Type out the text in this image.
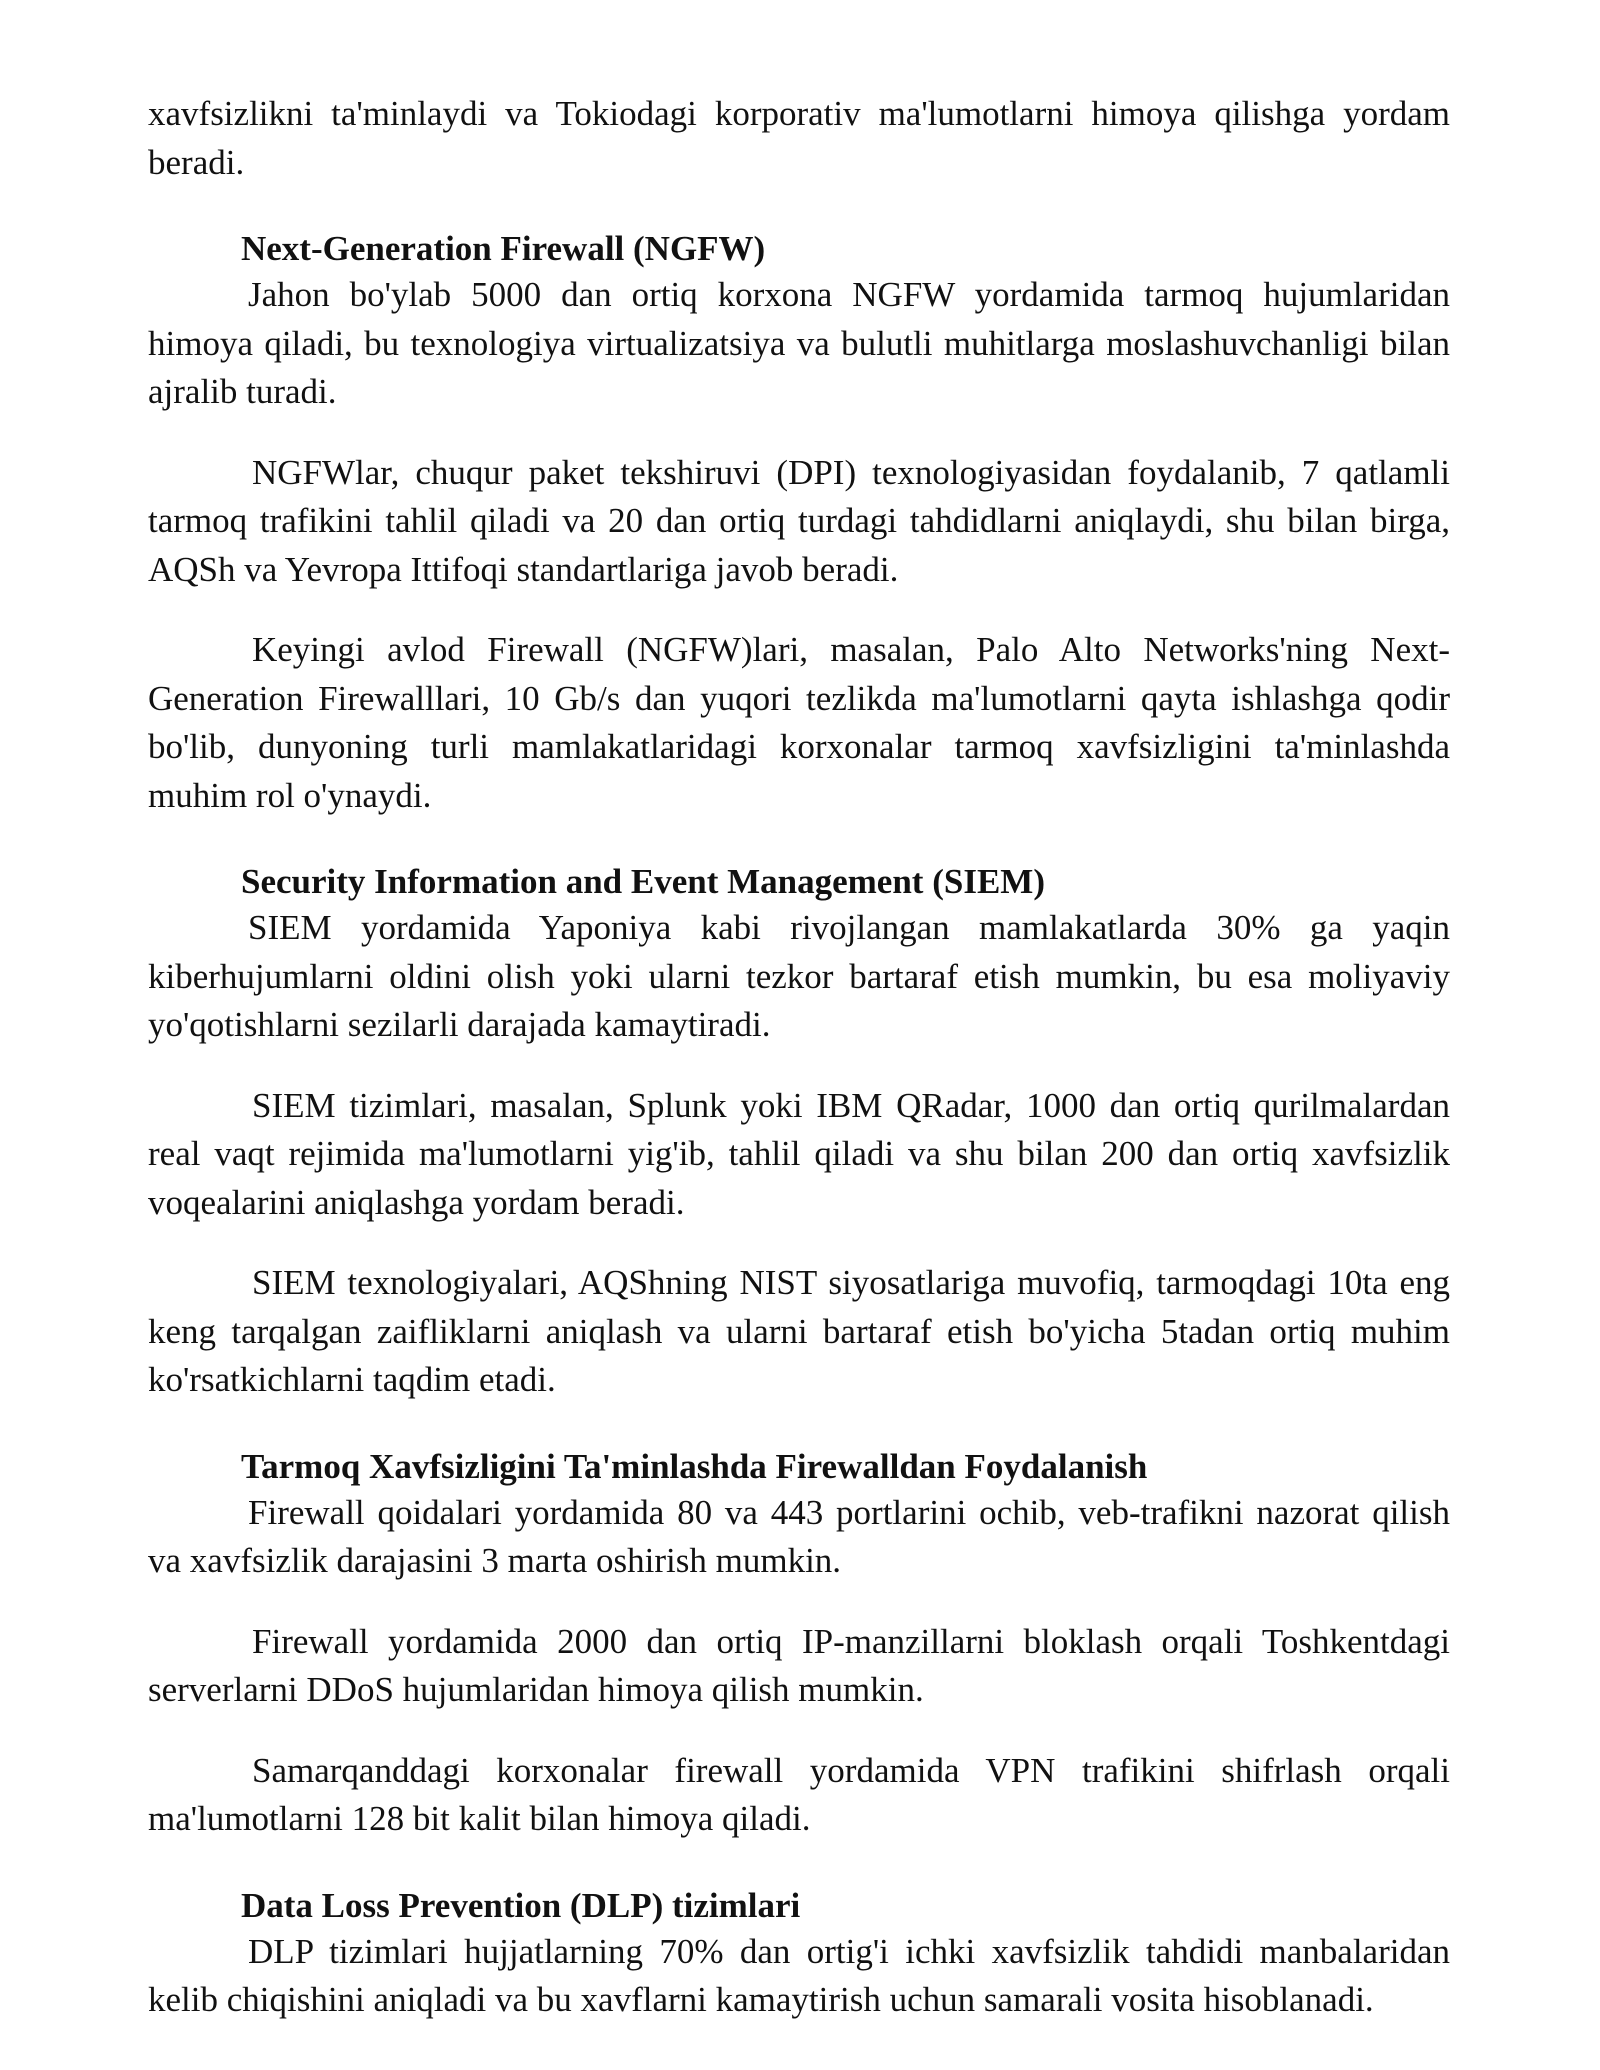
xavfsizlikni ta'minlaydi va Tokiodagi korporativ ma'lumotlarni himoya qilishga yordam beradi.

Next-Generation Firewall (NGFW)

Jahon bo'ylab 5000 dan ortiq korxona NGFW yordamida tarmoq hujumlaridan himoya qiladi, bu texnologiya virtualizatsiya va bulutli muhitlarga moslashuvchanligi bilan ajralib turadi.

NGFWlar, chuqur paket tekshiruvi (DPI) texnologiyasidan foydalanib, 7 qatlamli tarmoq trafikini tahlil qiladi va 20 dan ortiq turdagi tahdidlarni aniqlaydi, shu bilan birga, AQSh va Yevropa Ittifoqi standartlariga javob beradi.

Keyingi avlod Firewall (NGFW)lari, masalan, Palo Alto Networks'ning Next-Generation Firewalllari, 10 Gb/s dan yuqori tezlikda ma'lumotlarni qayta ishlashga qodir bo'lib, dunyoning turli mamlakatlaridagi korxonalar tarmoq xavfsizligini ta'minlashda muhim rol o'ynaydi.

Security Information and Event Management (SIEM)

SIEM yordamida Yaponiya kabi rivojlangan mamlakatlarda 30% ga yaqin kiberhujumlarni oldini olish yoki ularni tezkor bartaraf etish mumkin, bu esa moliyaviy yo'qotishlarni sezilarli darajada kamaytiradi.

SIEM tizimlari, masalan, Splunk yoki IBM QRadar, 1000 dan ortiq qurilmalardan real vaqt rejimida ma'lumotlarni yig'ib, tahlil qiladi va shu bilan 200 dan ortiq xavfsizlik voqealarini aniqlashga yordam beradi.

SIEM texnologiyalari, AQShning NIST siyosatlariga muvofiq, tarmoqdagi 10ta eng keng tarqalgan zaifliklarni aniqlash va ularni bartaraf etish bo'yicha 5tadan ortiq muhim ko'rsatkichlarni taqdim etadi.

Tarmoq Xavfsizligini Ta'minlashda Firewalldan Foydalanish

Firewall qoidalari yordamida 80 va 443 portlarini ochib, veb-trafikni nazorat qilish va xavfsizlik darajasini 3 marta oshirish mumkin.

Firewall yordamida 2000 dan ortiq IP-manzillarni bloklash orqali Toshkentdagi serverlarni DDoS hujumlaridan himoya qilish mumkin.

Samarqanddagi korxonalar firewall yordamida VPN trafikini shifrlash orqali ma'lumotlarni 128 bit kalit bilan himoya qiladi.

Data Loss Prevention (DLP) tizimlari

DLP tizimlari hujjatlarning 70% dan ortig'i ichki xavfsizlik tahdidi manbalaridan kelib chiqishini aniqladi va bu xavflarni kamaytirish uchun samarali vosita hisoblanadi.
